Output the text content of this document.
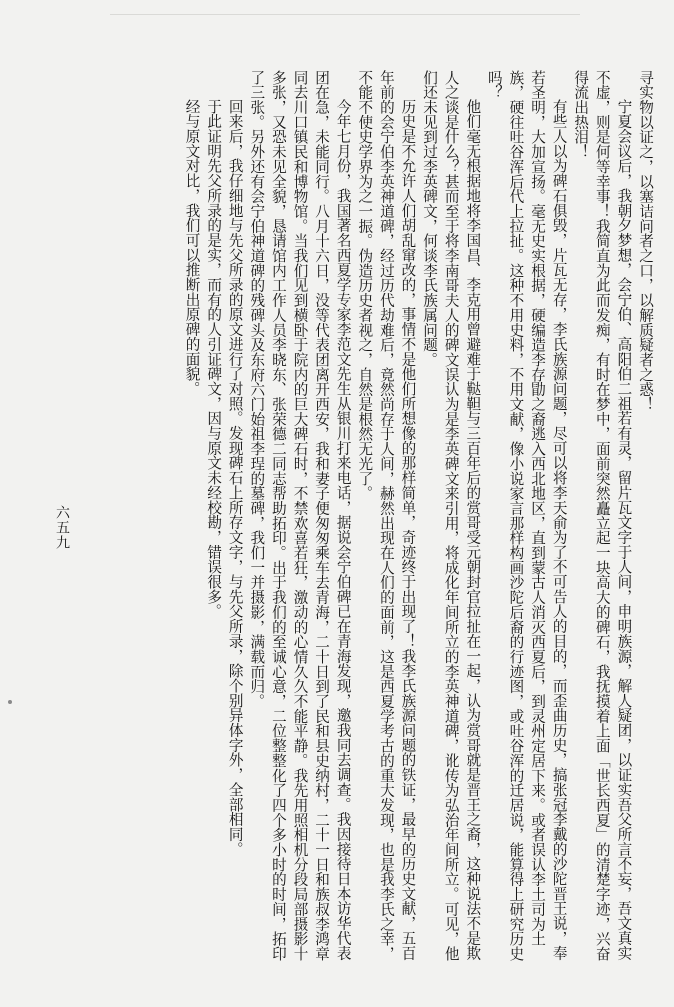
寻实物以证之，以塞诘问者之口，以解质疑者之惑！
宁夏会议后，我朝夕梦想，会宁伯、高阳伯二祖若有灵，留片瓦文字于人间，申明族源，解人疑团，以证实吾父所言不妄，吾文真实不虚，则是何等幸事！我简直为此而发痴，有时在梦中，面前突然矗立起一块高大的碑石，我抚摸着上面「世长西夏」的清楚字迹，兴奋得流出热泪！
有些人以为碑石俱毁，片瓦无存，李氏族源问题，尽可以将李天俞为了不可告人的目的，而歪曲历史，搞张冠李戴的沙陀晋王说，奉若圣明，大加宣扬。毫无史实根据，硬编造李存勖之裔逃入西北地区，直到蒙古人消灭西夏后，到灵州定居下来。或者误认李土司为土族，硬往吐谷浑后代上拉扯。这种不用史料，不用文献，像小说家言那样构画沙陀后裔的行迹图，或吐谷浑的迁居说，能算得上研究历史吗？
他们毫无根据地将李国昌、李克用曾避难于鞑靼与三百年后的赏哥受元朝封官拉扯在一起，认为赏哥就是晋王之裔，这种说法不是欺人之谈是什么？甚而至于将李南哥夫人的碑文误认为是李英碑文来引用，将成化年间所立的李英神道碑，讹传为弘治年间所立。可见，他们还未见到过李英碑文，何谈李氏族属问题。
历史是不允许人们胡乱窜改的，事情不是他们所想像的那样简单，奇迹终于出现了！我李氏族源问题的铁证，最早的历史文献，五百年前的会宁伯李英神道碑，经过历代劫难后，竟然尚存于人间，赫然出现在人们的面前，这是西夏学考古的重大发现，也是我李氏之幸，不能不使史学界为之一振。伪造历史者视之，自然是根然无光了。
今年七月份，我国著名西夏学专家李范文先生从银川打来电话，据说会宁伯碑已在青海发现，邀我同去调查。我因接待日本访华代表团在急，未能同行。八月十六日，没等代表团离开西安，我和妻子便匆匆乘车去青海，二十日到了民和县史纳村，二十一日和族叔李鸿章同去川口镇民和博物馆。当我们见到横卧于院内的巨大碑石时，不禁欢喜若狂，激动的心情久久不能平静。我先用照相机分段局部摄影十多张，又恐未见全貌，恳请馆内工作人员李晓东、张荣德二同志帮助拓印。出于我们的至诚心意，二位整整化了四个多小时的时间，拓印了三张。另外还有会宁伯神道碑的残碑头及东府六门始祖李珵的墓碑，我们一并摄影，满载而归。
回来后，我仔细地与先父所录的原文进行了对照。发现碑石上所存文字，与先父所录，除个别异体字外，全部相同。
于此证明先父所录的是实，而有的人引证碑文，因与原文未经校勘，错误很多。
经与原文对比，我们可以推断出原碑的面貌。
六五九
